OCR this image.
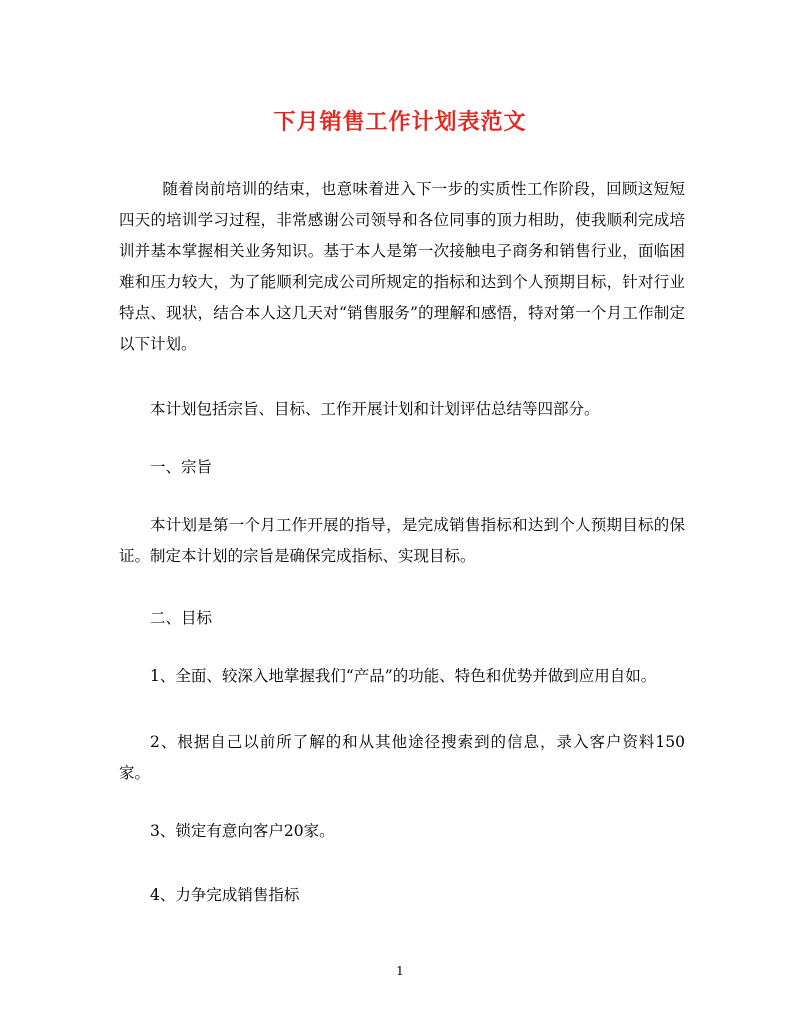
下月销售工作计划表范文

随着岗前培训的结束，也意味着进入下一步的实质性工作阶段，回顾这短短四天的培训学习过程，非常感谢公司领导和各位同事的顶力相助，使我顺利完成培训并基本掌握相关业务知识。基于本人是第一次接触电子商务和销售行业，面临困难和压力较大，为了能顺利完成公司所规定的指标和达到个人预期目标，针对行业特点、现状，结合本人这几天对“销售服务”的理解和感悟，特对第一个月工作制定以下计划。

本计划包括宗旨、目标、工作开展计划和计划评估总结等四部分。

一、宗旨

本计划是第一个月工作开展的指导，是完成销售指标和达到个人预期目标的保证。制定本计划的宗旨是确保完成指标、实现目标。

二、目标

1、全面、较深入地掌握我们“产品”的功能、特色和优势并做到应用自如。

2、根据自己以前所了解的和从其他途径搜索到的信息，录入客户资料150家。

3、锁定有意向客户20家。

4、力争完成销售指标

1
